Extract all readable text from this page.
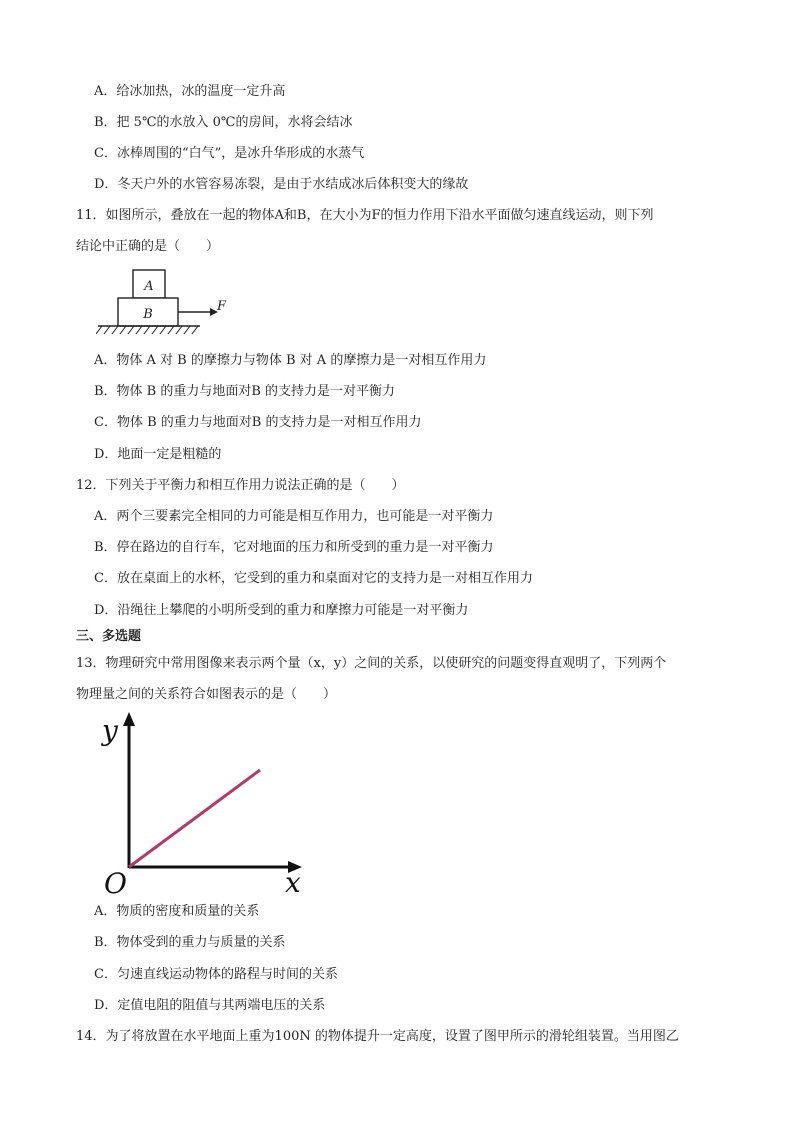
A．给冰加热，冰的温度一定升高
B．把 5℃的水放入 0℃的房间，水将会结冰
C．冰棒周围的“白气”，是冰升华形成的水蒸气
D．冬天户外的水管容易冻裂，是由于水结成冰后体积变大的缘故
11．如图所示，叠放在一起的物体A和B，在大小为F的恒力作用下沿水平面做匀速直线运动，则下列
结论中正确的是（　　）
A
B
F
A．物体 A 对 B 的摩擦力与物体 B 对 A 的摩擦力是一对相互作用力
B．物体 B 的重力与地面对B 的支持力是一对平衡力
C．物体 B 的重力与地面对B 的支持力是一对相互作用力
D．地面一定是粗糙的
12．下列关于平衡力和相互作用力说法正确的是（　　）
A．两个三要素完全相同的力可能是相互作用力，也可能是一对平衡力
B．停在路边的自行车，它对地面的压力和所受到的重力是一对平衡力
C．放在桌面上的水杯，它受到的重力和桌面对它的支持力是一对相互作用力
D．沿绳往上攀爬的小明所受到的重力和摩擦力可能是一对平衡力
三、多选题
13．物理研究中常用图像来表示两个量（x，y）之间的关系，以使研究的问题变得直观明了，下列两个
物理量之间的关系符合如图表示的是（　　）
y
x
O
A．物质的密度和质量的关系
B．物体受到的重力与质量的关系
C．匀速直线运动物体的路程与时间的关系
D．定值电阻的阻值与其两端电压的关系
14．为了将放置在水平地面上重为100N 的物体提升一定高度，设置了图甲所示的滑轮组装置。当用图乙
